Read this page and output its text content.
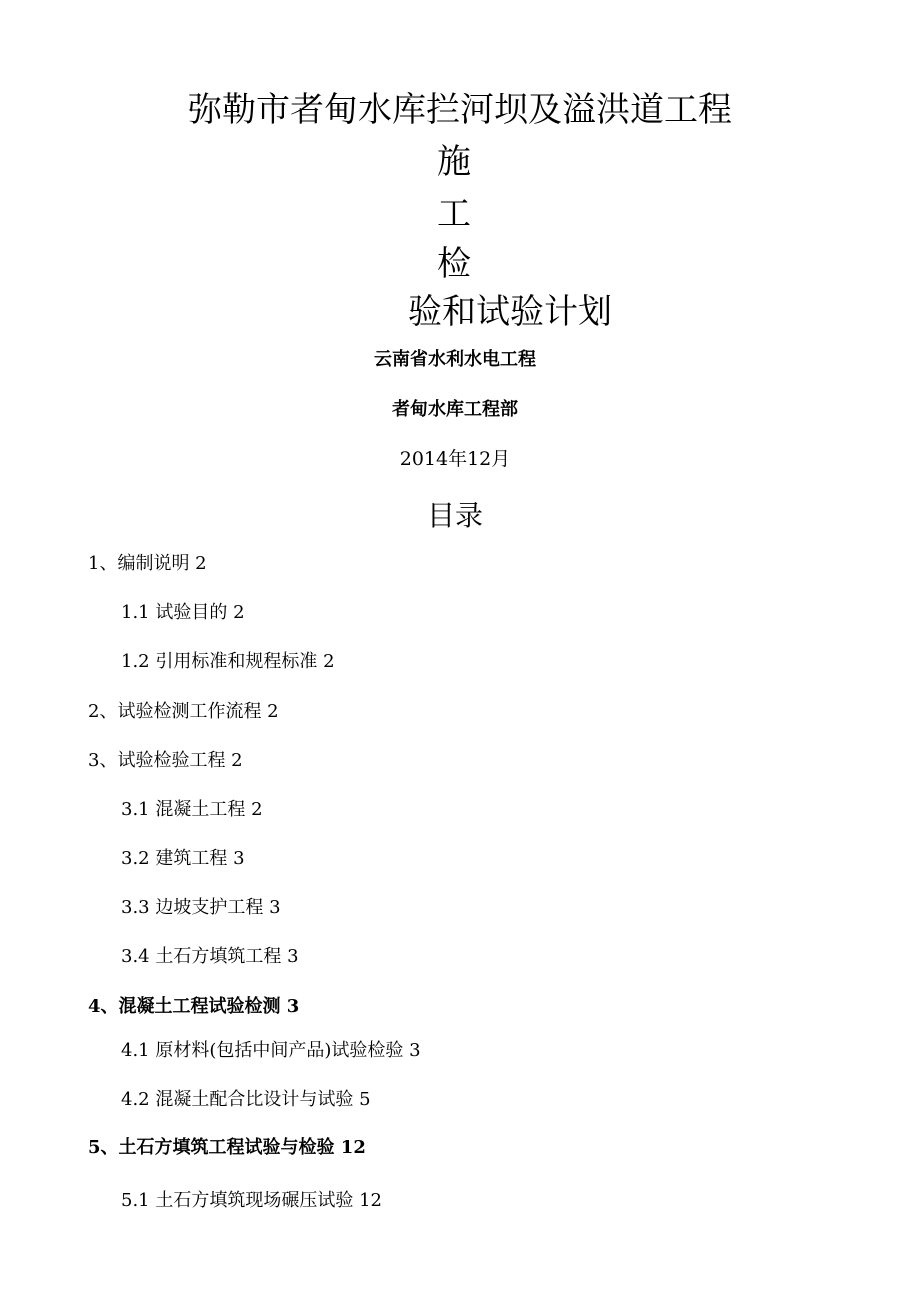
弥勒市者甸水库拦河坝及溢洪道工程
施
工
检
验和试验计划
云南省水利水电工程
者甸水库工程部
2014年12月
目录
1、编制说明 2
1.1 试验目的 2
1.2 引用标准和规程标准 2
2、试验检测工作流程 2
3、试验检验工程 2
3.1 混凝土工程 2
3.2 建筑工程 3
3.3 边坡支护工程 3
3.4 土石方填筑工程 3
4、混凝土工程试验检测 3
4.1 原材料(包括中间产品)试验检验 3
4.2 混凝土配合比设计与试验 5
5、土石方填筑工程试验与检验 12
5.1 土石方填筑现场碾压试验 12
